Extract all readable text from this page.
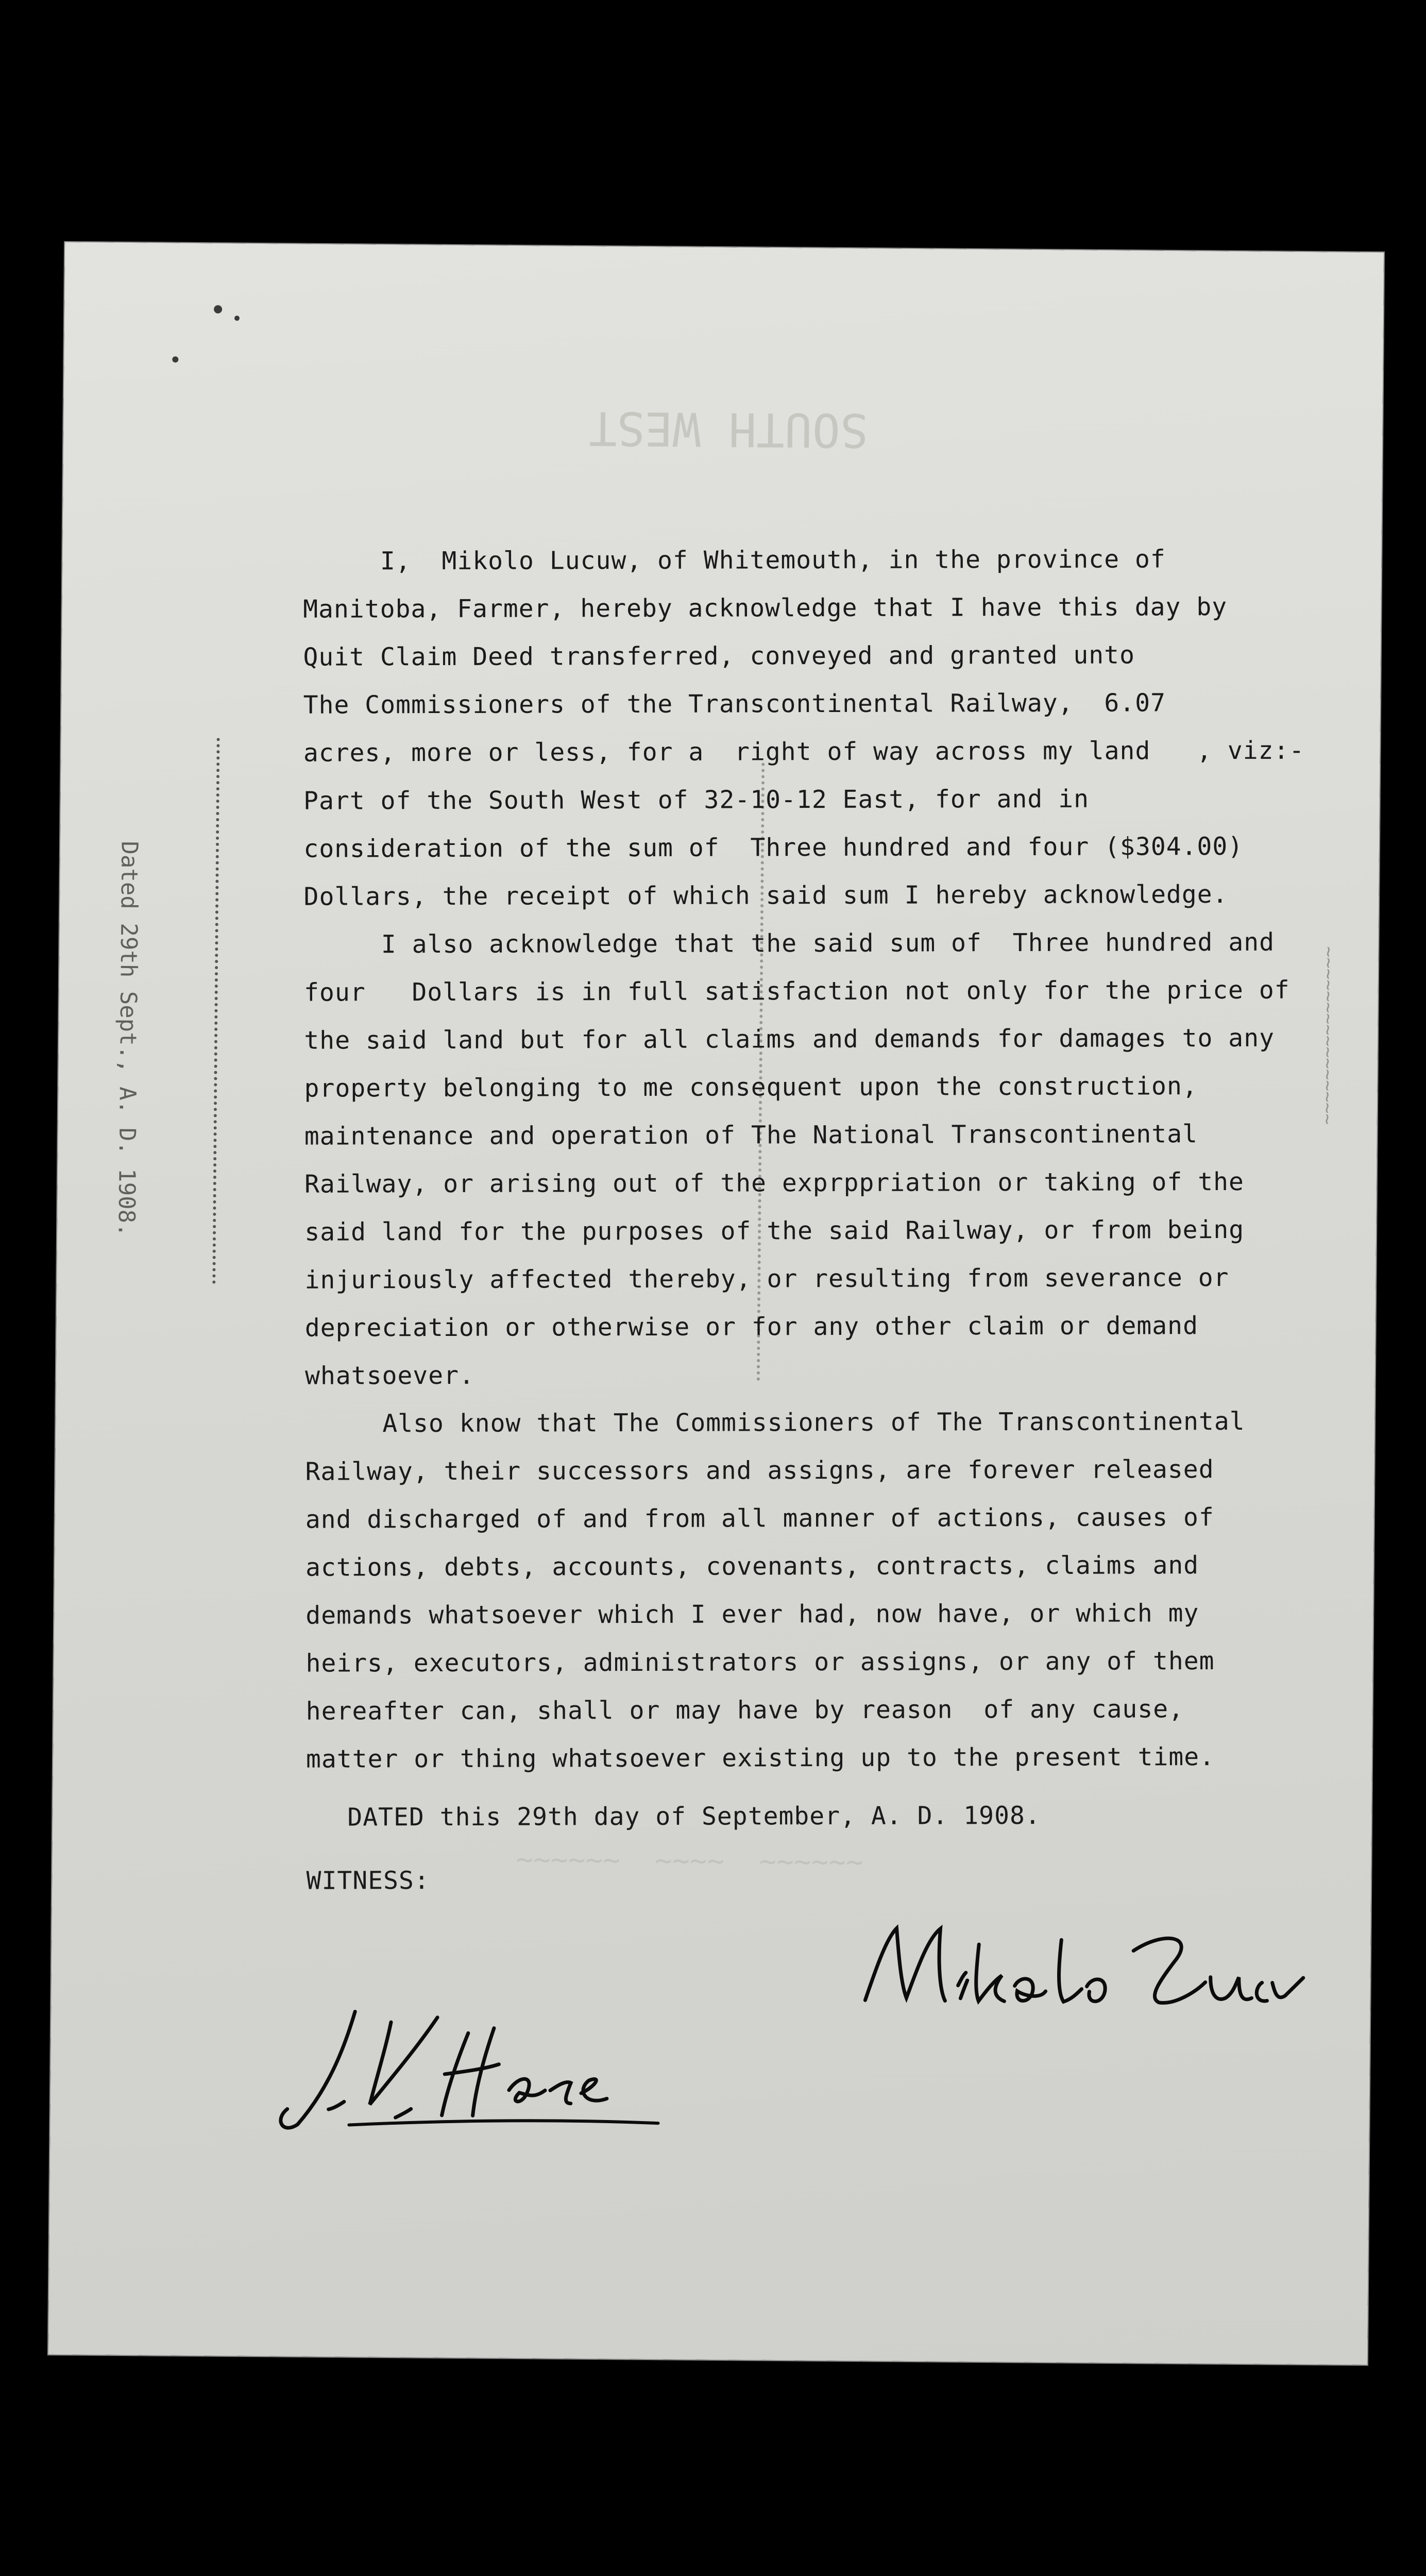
SOUTH WEST
~~~~~~  ~~~~  ~~~~~~
Dated 29th Sept., A. D. 1908.
I,  Mikolo Lucuw, of Whitemouth, in the province of
Manitoba, Farmer, hereby acknowledge that I have this day by
Quit Claim Deed transferred, conveyed and granted unto
The Commissioners of the Transcontinental Railway,  6.07
acres, more or less, for a  right of way across my land   , viz:-
Part of the South West of 32-10-12 East, for and in
consideration of the sum of  Three hundred and four ($304.00)
Dollars, the receipt of which said sum I hereby acknowledge.
I also acknowledge that the said sum of  Three hundred and
four   Dollars is in full satisfaction not only for the price of
the said land but for all claims and demands for damages to any
property belonging to me consequent upon the construction,
maintenance and operation of The National Transcontinental
Railway, or arising out of the exprppriation or taking of the
said land for the purposes of the said Railway, or from being
injuriously affected thereby, or resulting from severance or
depreciation or otherwise or for any other claim or demand
whatsoever.
Also know that The Commissioners of The Transcontinental
Railway, their successors and assigns, are forever released
and discharged of and from all manner of actions, causes of
actions, debts, accounts, covenants, contracts, claims and
demands whatsoever which I ever had, now have, or which my
heirs, executors, administrators or assigns, or any of them
hereafter can, shall or may have by reason  of any cause,
matter or thing whatsoever existing up to the present time.
DATED this 29th day of September, A. D. 1908.
WITNESS:
~~~~~~~~~~~~~~~~
